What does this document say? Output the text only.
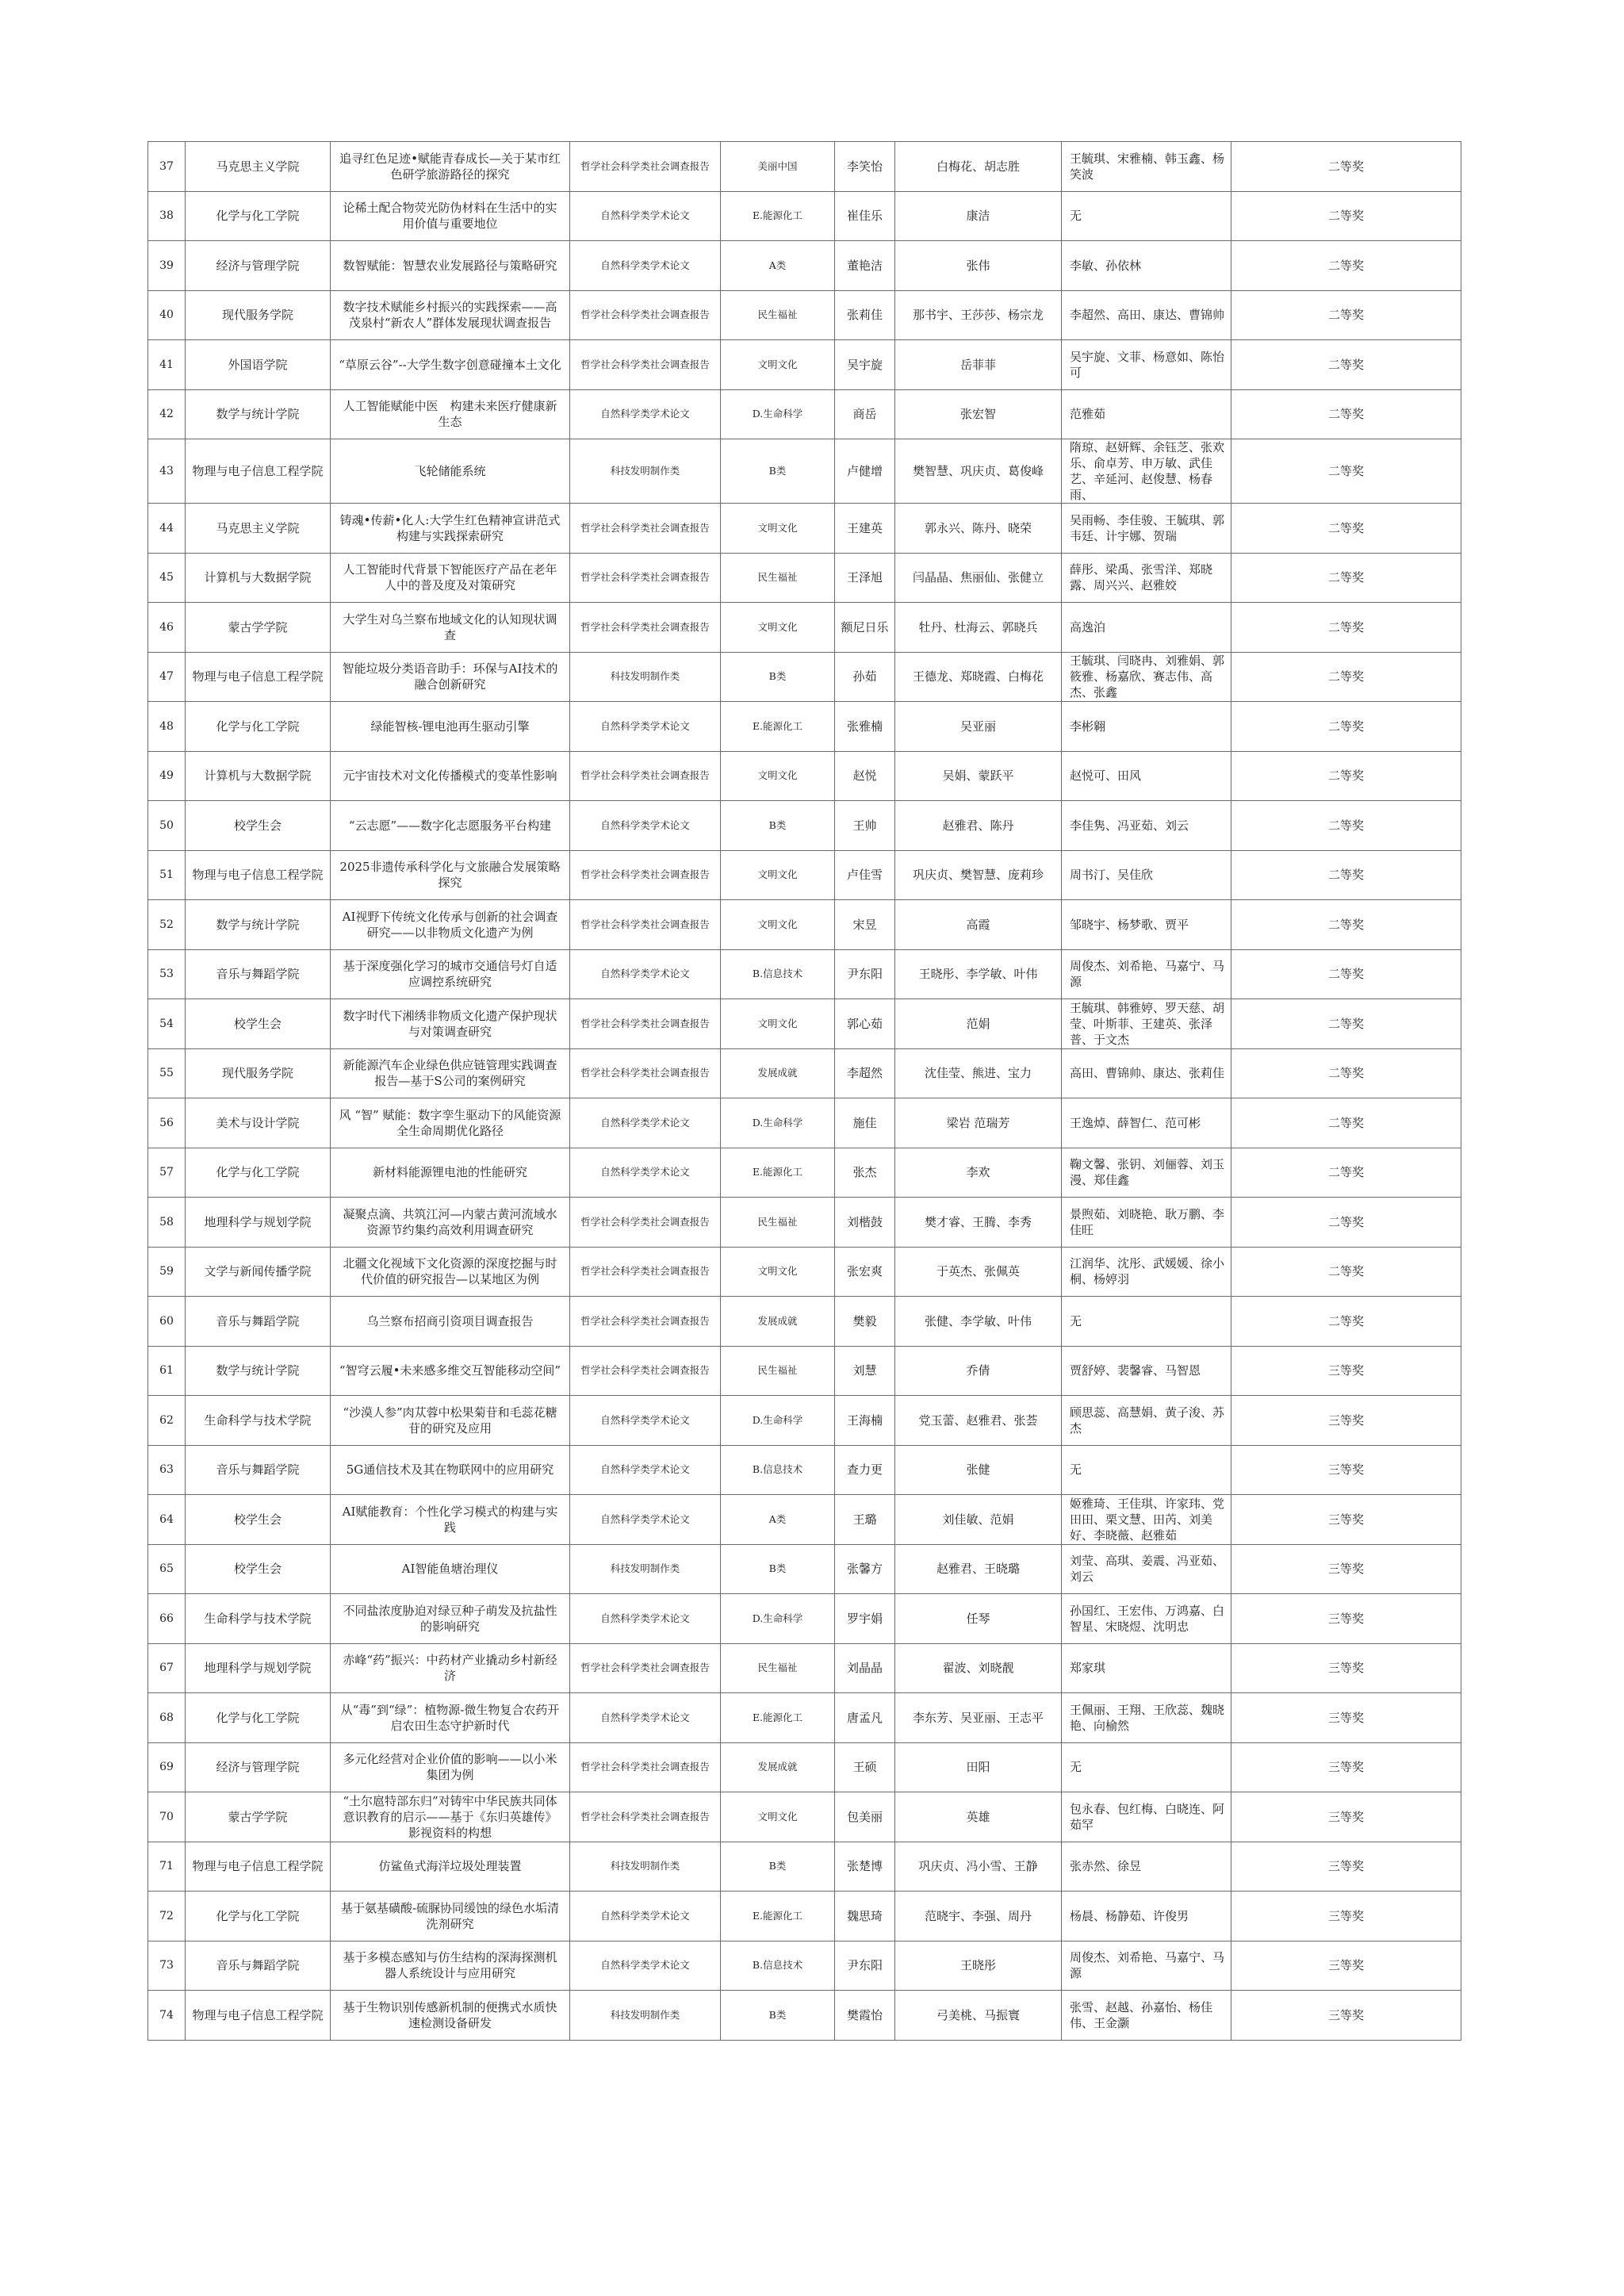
37	马克思主义学院	追寻红色足迹•赋能青春成长—关于某市红色研学旅游路径的探究	哲学社会科学类社会调查报告	美丽中国	李笑怡	白梅花、胡志胜	王毓琪、宋雅楠、韩玉鑫、杨笑波	二等奖
38	化学与化工学院	论稀土配合物荧光防伪材料在生活中的实用价值与重要地位	自然科学类学术论文	E.能源化工	崔佳乐	康洁	无	二等奖
39	经济与管理学院	数智赋能：智慧农业发展路径与策略研究	自然科学类学术论文	A类	董艳洁	张伟	李敏、孙依林	二等奖
40	现代服务学院	数字技术赋能乡村振兴的实践探索——高茂泉村“新农人”群体发展现状调查报告	哲学社会科学类社会调查报告	民生福祉	张莉佳	那书宇、王莎莎、杨宗龙	李超然、高田、康达、曹锦帅	二等奖
41	外国语学院	“草原云谷”--大学生数字创意碰撞本土文化	哲学社会科学类社会调查报告	文明文化	吴宇旋	岳菲菲	吴宇旋、文菲、杨意如、陈怡可	二等奖
42	数学与统计学院	人工智能赋能中医　构建未来医疗健康新生态	自然科学类学术论文	D.生命科学	商岳	张宏智	范雅茹	二等奖
43	物理与电子信息工程学院	飞轮储能系统	科技发明制作类	B类	卢健增	樊智慧、巩庆贞、葛俊峰	隋琼、赵妍辉、余钰芝、张欢乐、俞卓芳、申万敏、武佳艺、辛延河、赵俊慧、杨春雨、	二等奖
44	马克思主义学院	铸魂•传薪•化人:大学生红色精神宣讲范式构建与实践探索研究	哲学社会科学类社会调查报告	文明文化	王建英	郭永兴、陈丹、晓荣	吴雨畅、李佳骏、王毓琪、郭韦廷、计宇娜、贺瑞	二等奖
45	计算机与大数据学院	人工智能时代背景下智能医疗产品在老年人中的普及度及对策研究	哲学社会科学类社会调查报告	民生福祉	王泽旭	闫晶晶、焦丽仙、张健立	薛彤、梁禹、张雪洋、郑晓露、周兴兴、赵雅姣	二等奖
46	蒙古学学院	大学生对乌兰察布地域文化的认知现状调查	哲学社会科学类社会调查报告	文明文化	额尼日乐	牡丹、杜海云、郭晓兵	高逸泊	二等奖
47	物理与电子信息工程学院	智能垃圾分类语音助手：环保与AI技术的融合创新研究	科技发明制作类	B类	孙茹	王德龙、郑晓霞、白梅花	王毓琪、闫晓冉、刘雅娟、郭筱雅、杨嘉欣、赛志伟、高杰、张鑫	二等奖
48	化学与化工学院	绿能智核-锂电池再生驱动引擎	自然科学类学术论文	E.能源化工	张雅楠	吴亚丽	李彬翱	二等奖
49	计算机与大数据学院	元宇宙技术对文化传播模式的变革性影响	哲学社会科学类社会调查报告	文明文化	赵悦	吴娟、蒙跃平	赵悦可、田风	二等奖
50	校学生会	“云志愿”——数字化志愿服务平台构建	自然科学类学术论文	B类	王帅	赵雅君、陈丹	李佳隽、冯亚茹、刘云	二等奖
51	物理与电子信息工程学院	2025非遗传承科学化与文旅融合发展策略探究	哲学社会科学类社会调查报告	文明文化	卢佳雪	巩庆贞、樊智慧、庞莉珍	周书汀、吴佳欣	二等奖
52	数学与统计学院	AI视野下传统文化传承与创新的社会调查研究——以非物质文化遗产为例	哲学社会科学类社会调查报告	文明文化	宋昱	高霞	邹晓宇、杨梦歌、贾平	二等奖
53	音乐与舞蹈学院	基于深度强化学习的城市交通信号灯自适应调控系统研究	自然科学类学术论文	B.信息技术	尹东阳	王晓彤、李学敏、叶伟	周俊杰、刘希艳、马嘉宁、马源	二等奖
54	校学生会	数字时代下湘绣非物质文化遗产保护现状与对策调查研究	哲学社会科学类社会调查报告	文明文化	郭心茹	范娟	王毓琪、韩雅婷、罗天慈、胡莹、叶斯菲、王建英、张泽普、于文杰	二等奖
55	现代服务学院	新能源汽车企业绿色供应链管理实践调查报告—基于S公司的案例研究	哲学社会科学类社会调查报告	发展成就	李超然	沈佳莹、熊进、宝力	高田、曹锦帅、康达、张莉佳	二等奖
56	美术与设计学院	风 “智” 赋能：数字孪生驱动下的风能资源全生命周期优化路径	自然科学类学术论文	D.生命科学	施佳	梁岩 范瑞芳	王逸焯、薛智仁、范可彬	二等奖
57	化学与化工学院	新材料能源锂电池的性能研究	自然科学类学术论文	E.能源化工	张杰	李欢	鞠文馨、张钥、刘俪蓉、刘玉漫、郑佳鑫	二等奖
58	地理科学与规划学院	凝聚点滴、共筑江河—内蒙古黄河流域水资源节约集约高效利用调查研究	哲学社会科学类社会调查报告	民生福祉	刘楷鼓	樊才睿、王腾、李秀	景煦茹、刘晓艳、耿万鹏、李佳旺	二等奖
59	文学与新闻传播学院	北疆文化视域下文化资源的深度挖掘与时代价值的研究报告—以某地区为例	哲学社会科学类社会调查报告	文明文化	张宏爽	于英杰、张佩英	江润华、沈彤、武媛媛、徐小桐、杨婷羽	二等奖
60	音乐与舞蹈学院	乌兰察布招商引资项目调查报告	哲学社会科学类社会调查报告	发展成就	樊毅	张健、李学敏、叶伟	无	二等奖
61	数学与统计学院	“智穹云履•未来感多维交互智能移动空间”	哲学社会科学类社会调查报告	民生福祉	刘慧	乔倩	贾舒婷、裴馨睿、马智恩	三等奖
62	生命科学与技术学院	“沙漠人参”肉苁蓉中松果菊苷和毛蕊花糖苷的研究及应用	自然科学类学术论文	D.生命科学	王海楠	党玉蕾、赵雅君、张荟	顾思蕊、高慧娟、黄子浚、苏杰	三等奖
63	音乐与舞蹈学院	5G通信技术及其在物联网中的应用研究	自然科学类学术论文	B.信息技术	查力更	张健	无	三等奖
64	校学生会	AI赋能教育：个性化学习模式的构建与实践	自然科学类学术论文	A类	王璐	刘佳敏、范娟	姬雅琦、王佳琪、许家玮、党田田、栗文慧、田芮、刘美好、李晓薇、赵雅茹	三等奖
65	校学生会	AI智能鱼塘治理仪	科技发明制作类	B类	张馨方	赵雅君、王晓璐	刘莹、高琪、姜震、冯亚茹、刘云	三等奖
66	生命科学与技术学院	不同盐浓度胁迫对绿豆种子萌发及抗盐性的影响研究	自然科学类学术论文	D.生命科学	罗宇娟	任琴	孙国红、王宏伟、万鸿嘉、白智星、宋晓煜、沈明忠	三等奖
67	地理科学与规划学院	赤峰“药”振兴：中药材产业撬动乡村新经济	哲学社会科学类社会调查报告	民生福祉	刘晶晶	翟波、刘晓靓	郑家琪	三等奖
68	化学与化工学院	从“毒”到“绿”：植物源-微生物复合农药开启农田生态守护新时代	自然科学类学术论文	E.能源化工	唐孟凡	李东芳、吴亚丽、王志平	王佩丽、王翔、王欣蕊、魏晓艳、向榆然	三等奖
69	经济与管理学院	多元化经营对企业价值的影响——以小米集团为例	哲学社会科学类社会调查报告	发展成就	王硕	田阳	无	三等奖
70	蒙古学学院	“土尔扈特部东归”对铸牢中华民族共同体意识教育的启示——基于《东归英雄传》影视资料的构想	哲学社会科学类社会调查报告	文明文化	包美丽	英雄	包永春、包红梅、白晓连、阿茹罕	三等奖
71	物理与电子信息工程学院	仿鲨鱼式海洋垃圾处理装置	科技发明制作类	B类	张楚博	巩庆贞、冯小雪、王静	张赤然、徐昱	三等奖
72	化学与化工学院	基于氨基磺酸-硫脲协同缓蚀的绿色水垢清洗剂研究	自然科学类学术论文	E.能源化工	魏思琦	范晓宇、李强、周丹	杨晨、杨静茹、许俊男	三等奖
73	音乐与舞蹈学院	基于多模态感知与仿生结构的深海探测机器人系统设计与应用研究	自然科学类学术论文	B.信息技术	尹东阳	王晓彤	周俊杰、刘希艳、马嘉宁、马源	三等奖
74	物理与电子信息工程学院	基于生物识别传感新机制的便携式水质快速检测设备研发	科技发明制作类	B类	樊霞怡	弓美桃、马振寰	张雪、赵越、孙嘉怡、杨佳伟、王金灏	三等奖
